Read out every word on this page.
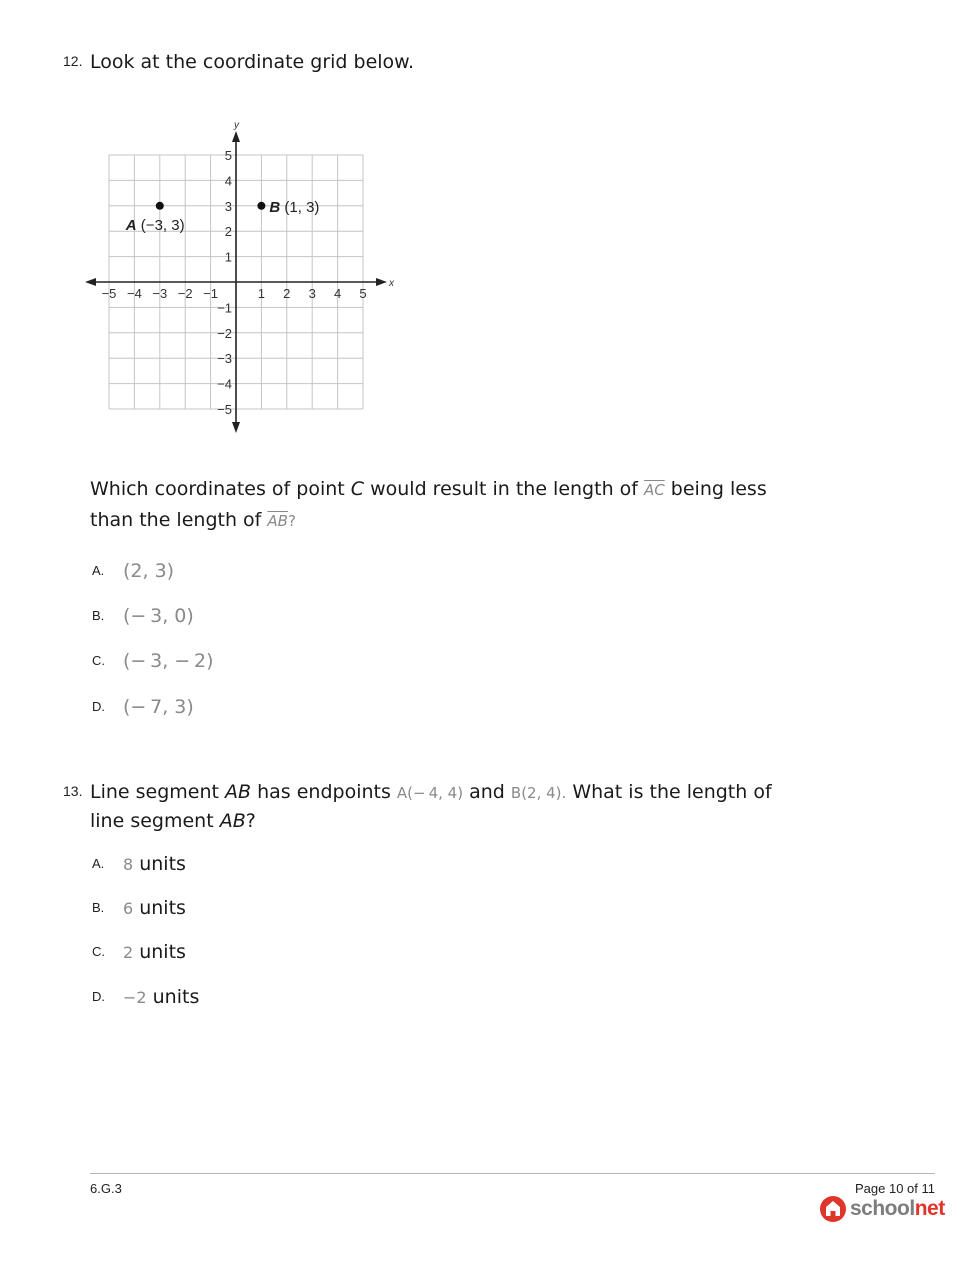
12. Look at the coordinate grid below.
x
y
−5 −4 −3 −2 −1	1 2 3 4 5
5
4
3
2
1
−1
−2
−3
−4
−5
A (−3, 3)
B (1, 3)
Which coordinates of point C would result in the length of $\overline{AC}$ being less
than the length of $\overline{AB}$?
A. (2, 3)
B. (− 3, 0)
C. (− 3, − 2)
D. (− 7, 3)
13. Line segment AB has endpoints A(− 4, 4) and B(2, 4). What is the length of
line segment AB?
A.	8 units
B.	6 units
C.	2 units
D.	−2 units
6.G.3	Page 10 of 11
schoolnet
